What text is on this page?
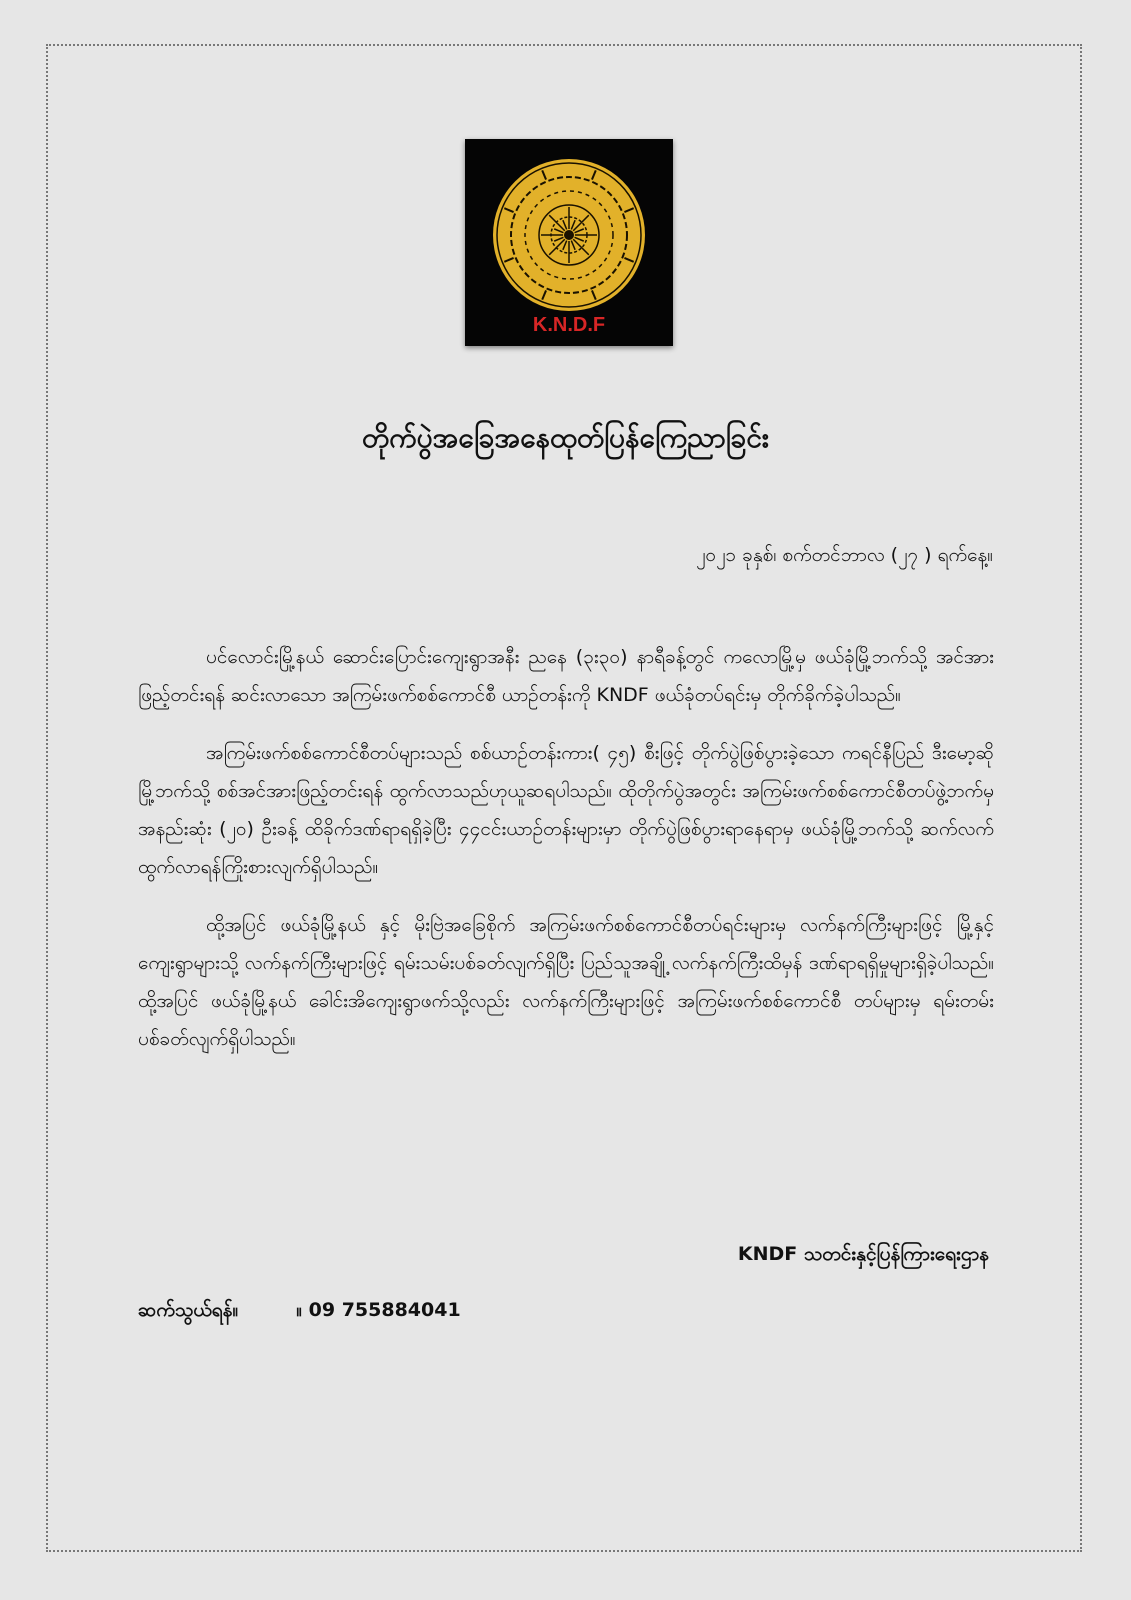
K.N.D.F
တိုက်ပွဲအခြေအနေထုတ်ပြန်ကြေညာခြင်း
၂၀၂၁ ခုနှစ်၊ စက်တင်ဘာလ (၂၇ ) ရက်နေ့။

ပင်လောင်းမြို့နယ် ဆောင်းပြောင်းကျေးရွာအနီး ညနေ (၃း၃၀) နာရီခန့်တွင် ကလောမြို့မှ ဖယ်ခုံမြို့ဘက်သို့ အင်အားဖြည့်တင်းရန် ဆင်းလာသော အကြမ်းဖက်စစ်ကောင်စီ ယာဉ်တန်းကို KNDF ဖယ်ခုံတပ်ရင်းမှ တိုက်ခိုက်ခဲ့ပါသည်။

အကြမ်းဖက်စစ်ကောင်စီတပ်များသည် စစ်ယာဉ်တန်းကား( ၄၅) စီးဖြင့် တိုက်ပွဲဖြစ်ပွားခဲ့သော ကရင်နီပြည် ဒီးမော့ဆိုမြို့ဘက်သို့ စစ်အင်အားဖြည့်တင်းရန် ထွက်လာသည်ဟုယူဆရပါသည်။ ထိုတိုက်ပွဲအတွင်း အကြမ်းဖက်စစ်ကောင်စီတပ်ဖွဲ့ဘက်မှ အနည်းဆုံး (၂၀) ဦးခန့် ထိခိုက်ဒဏ်ရာရရှိခဲ့ပြီး ၄၄ငင်းယာဉ်တန်းများမှာ တိုက်ပွဲဖြစ်ပွားရာနေရာမှ ဖယ်ခုံမြို့ဘက်သို့ ဆက်လက်ထွက်လာရန်ကြိုးစားလျက်ရှိပါသည်။

ထို့အပြင် ဖယ်ခုံမြို့နယ် နှင့် မိုးဗြဲအခြေစိုက် အကြမ်းဖက်စစ်ကောင်စီတပ်ရင်းများမှ လက်နက်ကြီးများဖြင့် မြို့နှင့်ကျေးရွာများသို့ လက်နက်ကြီးများဖြင့် ရမ်းသမ်းပစ်ခတ်လျက်ရှိပြီး ပြည်သူအချို့ လက်နက်ကြီးထိမှန် ဒဏ်ရာရရှိမှုများရှိခဲ့ပါသည်။ ထို့အပြင် ဖယ်ခုံမြို့နယ် ခေါင်းအိကျေးရွာဖက်သို့လည်း လက်နက်ကြီးများဖြင့် အကြမ်းဖက်စစ်ကောင်စီ တပ်များမှ ရမ်းတမ်းပစ်ခတ်လျက်ရှိပါသည်။

KNDF သတင်းနှင့်ပြန်ကြားရေးဌာန
ဆက်သွယ်ရန်။	။ 09 755884041
